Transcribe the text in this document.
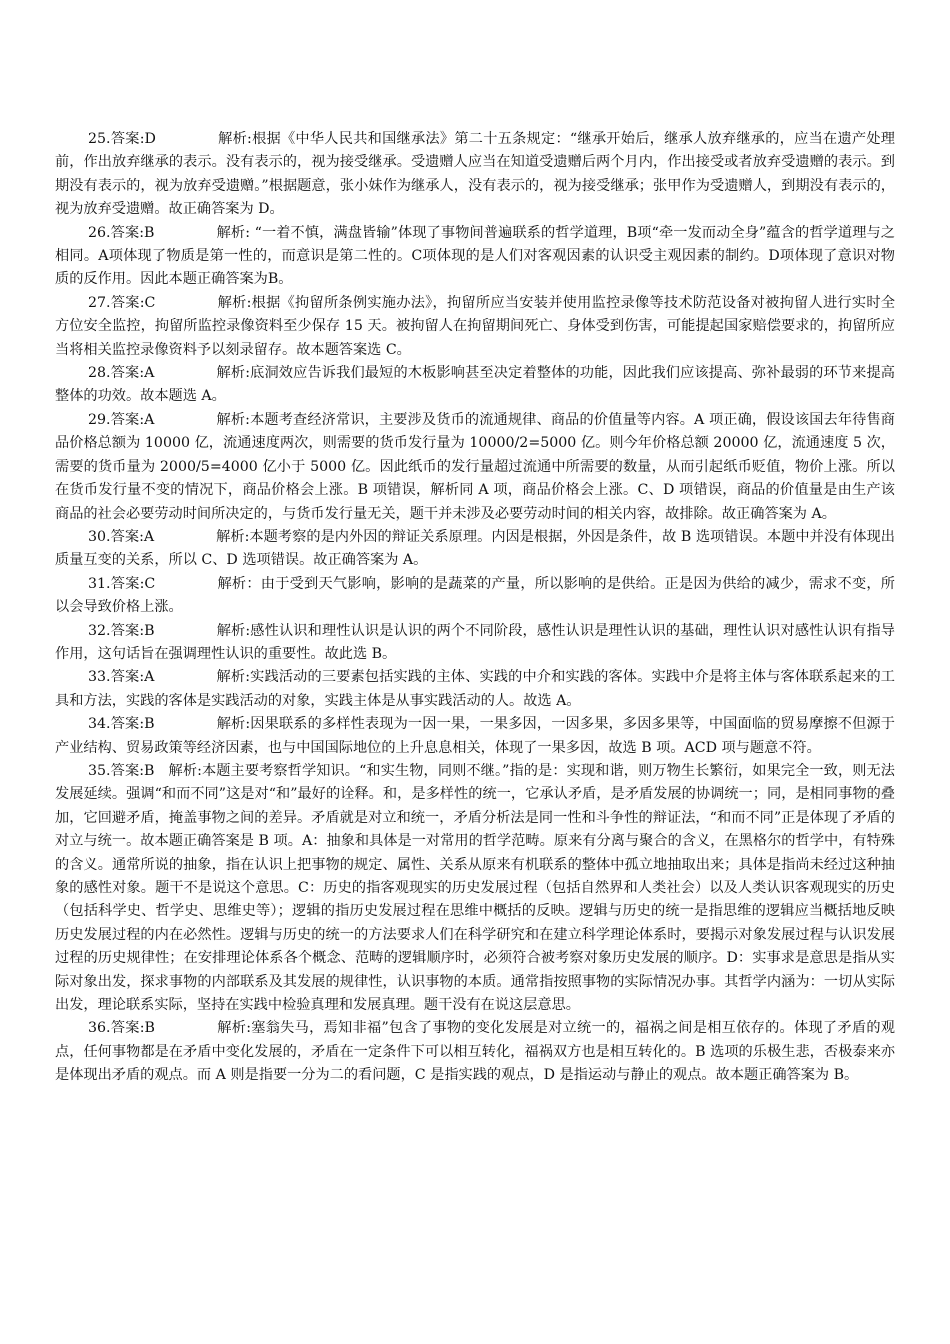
25.答案:D	解析:根据《中华人民共和国继承法》第二十五条规定：“继承开始后，继承人放弃继承的，应当在遗产处理前，作出放弃继承的表示。没有表示的，视为接受继承。受遗赠人应当在知道受遗赠后两个月内，作出接受或者放弃受遗赠的表示。到期没有表示的，视为放弃受遗赠。”根据题意，张小妹作为继承人，没有表示的，视为接受继承；张甲作为受遗赠人，到期没有表示的，视为放弃受遗赠。故正确答案为 D。

26.答案:B	解析: “一着不慎，满盘皆输”体现了事物间普遍联系的哲学道理，B项“牵一发而动全身”蕴含的哲学道理与之相同。A项体现了物质是第一性的，而意识是第二性的。C项体现的是人们对客观因素的认识受主观因素的制约。D项体现了意识对物质的反作用。因此本题正确答案为B。

27.答案:C	解析:根据《拘留所条例实施办法》，拘留所应当安装并使用监控录像等技术防范设备对被拘留人进行实时全方位安全监控，拘留所监控录像资料至少保存 15 天。被拘留人在拘留期间死亡、身体受到伤害，可能提起国家赔偿要求的，拘留所应当将相关监控录像资料予以刻录留存。故本题答案选 C。

28.答案:A	解析:底洞效应告诉我们最短的木板影响甚至决定着整体的功能，因此我们应该提高、弥补最弱的环节来提高整体的功效。故本题选 A。

29.答案:A	解析:本题考查经济常识，主要涉及货币的流通规律、商品的价值量等内容。A 项正确，假设该国去年待售商品价格总额为 10000 亿，流通速度两次，则需要的货币发行量为 10000/2=5000 亿。则今年价格总额 20000 亿，流通速度 5 次，需要的货币量为 2000/5=4000 亿小于 5000 亿。因此纸币的发行量超过流通中所需要的数量，从而引起纸币贬值，物价上涨。所以在货币发行量不变的情况下，商品价格会上涨。B 项错误，解析同 A 项，商品价格会上涨。C、D 项错误，商品的价值量是由生产该商品的社会必要劳动时间所决定的，与货币发行量无关，题干并未涉及必要劳动时间的相关内容，故排除。故正确答案为 A。

30.答案:A	解析:本题考察的是内外因的辩证关系原理。内因是根据，外因是条件，故 B 选项错误。本题中并没有体现出质量互变的关系，所以 C、D 选项错误。故正确答案为 A。

31.答案:C	解析：由于受到天气影响，影响的是蔬菜的产量，所以影响的是供给。正是因为供给的减少，需求不变，所以会导致价格上涨。

32.答案:B	解析:感性认识和理性认识是认识的两个不同阶段，感性认识是理性认识的基础，理性认识对感性认识有指导作用，这句话旨在强调理性认识的重要性。故此选 B。

33.答案:A	解析:实践活动的三要素包括实践的主体、实践的中介和实践的客体。实践中介是将主体与客体联系起来的工具和方法，实践的客体是实践活动的对象，实践主体是从事实践活动的人。故选 A。

34.答案:B	解析:因果联系的多样性表现为一因一果，一果多因，一因多果，多因多果等，中国面临的贸易摩擦不但源于产业结构、贸易政策等经济因素，也与中国国际地位的上升息息相关，体现了一果多因，故选 B 项。ACD 项与题意不符。

35.答案:B 解析:本题主要考察哲学知识。“和实生物，同则不继。”指的是：实现和谐，则万物生长繁衍，如果完全一致，则无法发展延续。强调“和而不同”这是对“和”最好的诠释。和，是多样性的统一，它承认矛盾，是矛盾发展的协调统一；同，是相同事物的叠加，它回避矛盾，掩盖事物之间的差异。矛盾就是对立和统一，矛盾分析法是同一性和斗争性的辩证法，“和而不同”正是体现了矛盾的对立与统一。故本题正确答案是 B 项。A：抽象和具体是一对常用的哲学范畴。原来有分离与聚合的含义，在黑格尔的哲学中，有特殊的含义。通常所说的抽象，指在认识上把事物的规定、属性、关系从原来有机联系的整体中孤立地抽取出来；具体是指尚未经过这种抽象的感性对象。题干不是说这个意思。C：历史的指客观现实的历史发展过程（包括自然界和人类社会）以及人类认识客观现实的历史（包括科学史、哲学史、思维史等）；逻辑的指历史发展过程在思维中概括的反映。逻辑与历史的统一是指思维的逻辑应当概括地反映历史发展过程的内在必然性。逻辑与历史的统一的方法要求人们在科学研究和在建立科学理论体系时，要揭示对象发展过程与认识发展过程的历史规律性；在安排理论体系各个概念、范畴的逻辑顺序时，必须符合被考察对象历史发展的顺序。D：实事求是意思是指从实际对象出发，探求事物的内部联系及其发展的规律性，认识事物的本质。通常指按照事物的实际情况办事。其哲学内涵为：一切从实际出发，理论联系实际，坚持在实践中检验真理和发展真理。题干没有在说这层意思。

36.答案:B	解析:塞翁失马，焉知非福”包含了事物的变化发展是对立统一的，福祸之间是相互依存的。体现了矛盾的观点，任何事物都是在矛盾中变化发展的，矛盾在一定条件下可以相互转化，福祸双方也是相互转化的。B 选项的乐极生悲，否极泰来亦是体现出矛盾的观点。而 A 则是指要一分为二的看问题，C 是指实践的观点，D 是指运动与静止的观点。故本题正确答案为 B。
